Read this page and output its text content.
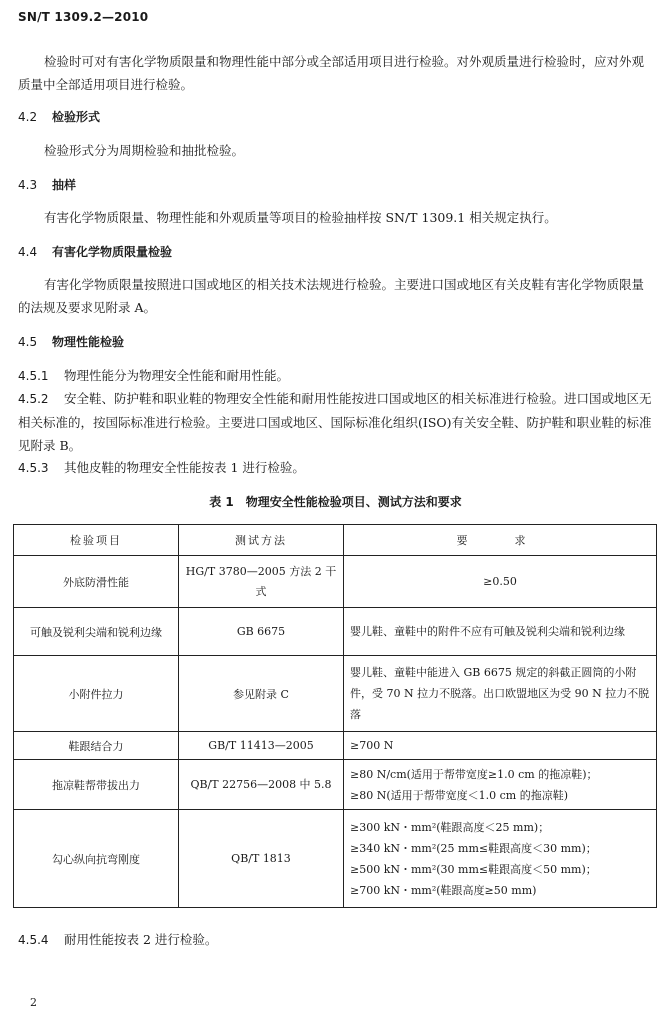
SN/T 1309.2—2010

检验时可对有害化学物质限量和物理性能中部分或全部适用项目进行检验。对外观质量进行检验时，应对外观质量中全部适用项目进行检验。

4.2 检验形式

检验形式分为周期检验和抽批检验。

4.3 抽样

有害化学物质限量、物理性能和外观质量等项目的检验抽样按 SN/T 1309.1 相关规定执行。

4.4 有害化学物质限量检验

有害化学物质限量按照进口国或地区的相关技术法规进行检验。主要进口国或地区有关皮鞋有害化学物质限量的法规及要求见附录 A。

4.5 物理性能检验

4.5.1 物理性能分为物理安全性能和耐用性能。

4.5.2 安全鞋、防护鞋和职业鞋的物理安全性能和耐用性能按进口国或地区的相关标准进行检验。进口国或地区无相关标准的，按国际标准进行检验。主要进口国或地区、国际标准化组织(ISO)有关安全鞋、防护鞋和职业鞋的标准见附录 B。

4.5.3 其他皮鞋的物理安全性能按表 1 进行检验。

表 1　物理安全性能检验项目、测试方法和要求
检验项目	测试方法	要　求
外底防滑性能	HG/T 3780—2005 方法 2 干式	≥0.50
可触及锐利尖端和锐利边缘	GB 6675	婴儿鞋、童鞋中的附件不应有可触及锐利尖端和锐利边缘
小附件拉力	参见附录 C	婴儿鞋、童鞋中能进入 GB 6675 规定的斜截正圆筒的小附件，受 70 N 拉力不脱落。出口欧盟地区为受 90 N 拉力不脱落
鞋跟结合力	GB/T 11413—2005	≥700 N
拖凉鞋帮带拔出力	QB/T 22756—2008 中 5.8	≥80 N/cm(适用于帮带宽度≥1.0 cm 的拖凉鞋)；
≥80 N(适用于帮带宽度＜1.0 cm 的拖凉鞋)

勾心纵向抗弯刚度	QB/T 1813	≥300 kN・mm²(鞋跟高度＜25 mm)；
≥340 kN・mm²(25 mm≤鞋跟高度＜30 mm)；
≥500 kN・mm²(30 mm≤鞋跟高度＜50 mm)；
≥700 kN・mm²(鞋跟高度≥50 mm)

4.5.4 耐用性能按表 2 进行检验。

2
